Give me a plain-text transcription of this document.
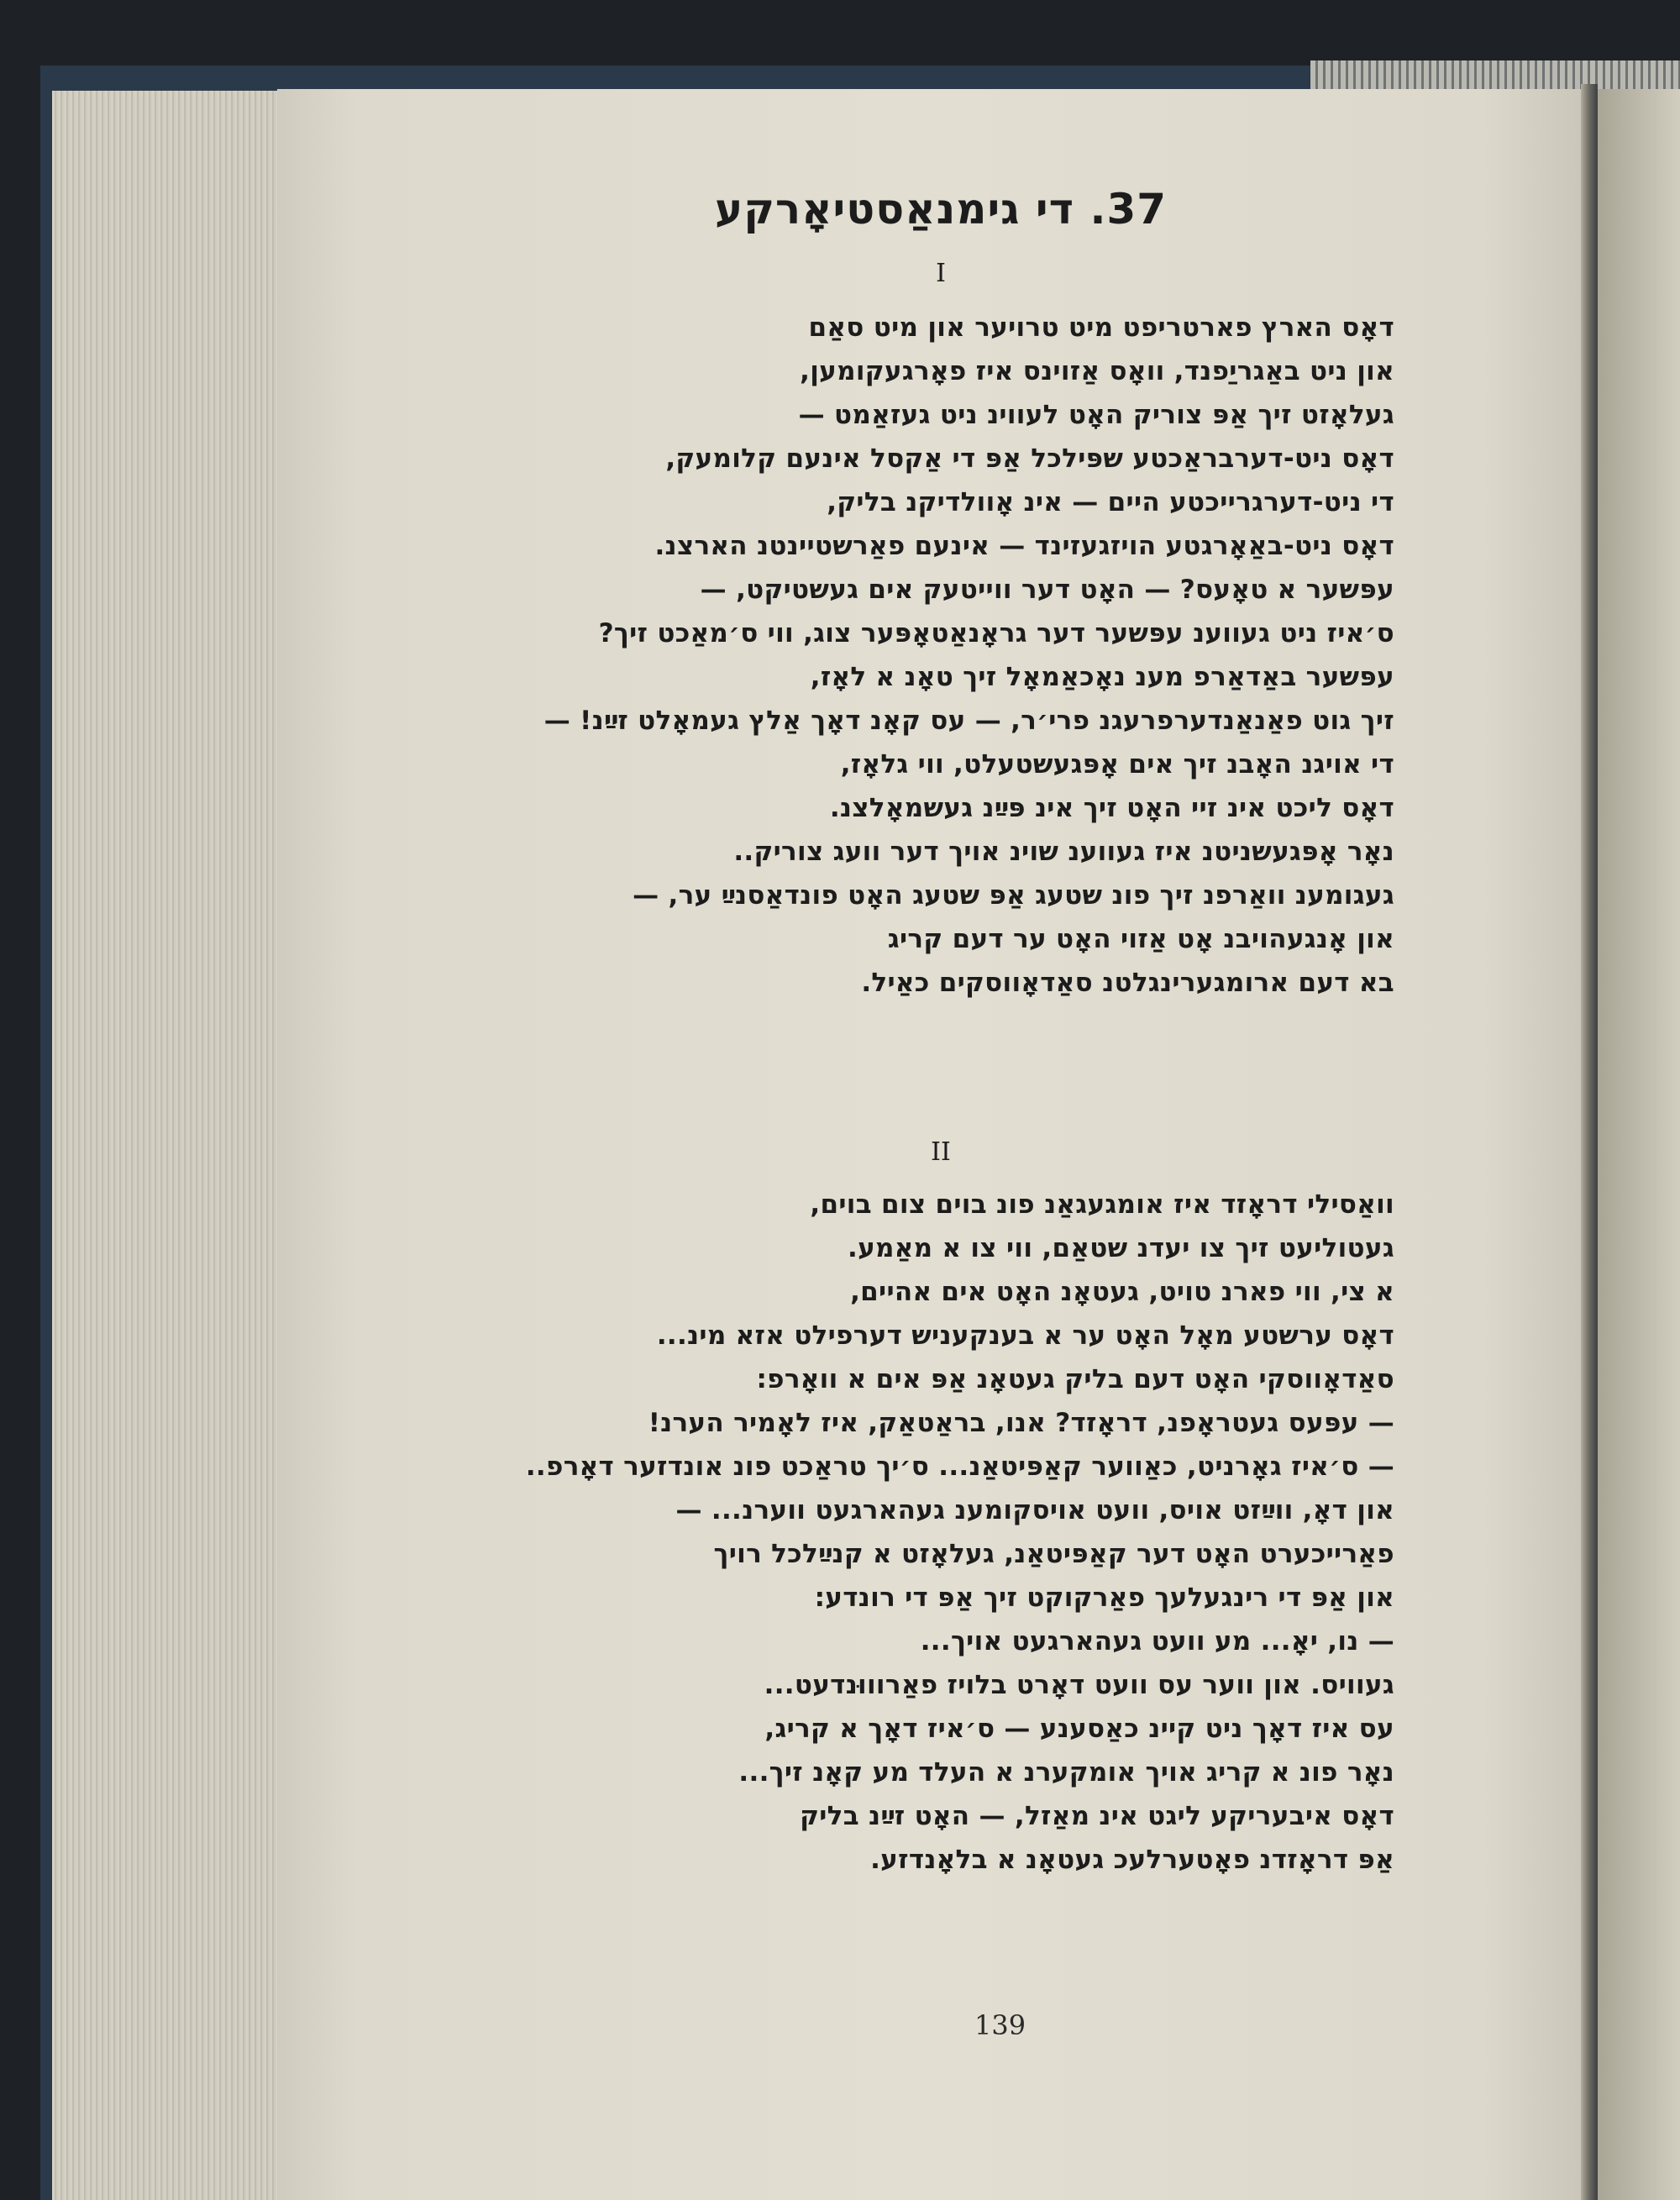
37. די גימנאַסטיאָרקע
I
דאָס הארץ פארטריפט מיט טרויער און מיט סאַם
און ניט באַגריַפנד, וואָס אַזוינס איז פאָרגעקומען,
געלאָזט זיך אַפּ צוריק האָט לעווינ ניט געזאַמט —
דאָס ניט-דערבראַכטע שפּילכל אַפּ די אַקסל אינעם קלומעק,
די ניט-דערגרייכטע היים — אינ אָוולדיקנ בליק,
דאָס ניט-באַאָרגטע הויזגעזינד — אינעם פאַרשטיינטנ הארצנ.
עפּשער א טאָעס? — האָט דער ווייטעק אים געשטיקט, —
ס׳איז ניט געווענ עפּשער דער גראָנאַטאָפּער צוג, ווי ס׳מאַכט זיך?
עפּשער באַדאַרפ מענ נאָכאַמאָל זיך טאָנ א לאָז,
זיך גוט פאַנאַנדערפרעגנ פרי׳ר, — עס קאָנ דאָך אַלץ געמאָלט זײַנ! —
די אויגנ האָבנ זיך אים אָפּגעשטעלט, ווי גלאָז,
דאָס ליכט אינ זיי האָט זיך אינ פּײַנ געשמאָלצנ.
נאָר אָפּגעשניטנ איז געווענ שוינ אויך דער וועג צוריק..
געגומענ וואַרפנ זיך פונ שטעג אַפּ שטעג האָט פונדאַסנײַ ער, —
און אָנגעהויבנ אָט אַזוי האָט ער דעם קריג
בא דעם ארומגערינגלטנ סאַדאָווסקים כאַיל.
II
וואַסילי דראָזד איז אומגעגאַנ פונ בוים צום בוים,
געטוליעט זיך צו יעדנ שטאַם, ווי צו א מאַמע.
א צי, ווי פארנ טויט, געטאָנ האָט אים אהיים,
דאָס ערשטע מאָל האָט ער א בענקעניש דערפילט אזא מינ...
סאַדאָווסקי האָט דעם בליק געטאָנ אַפּ אים א וואָרפ:
— עפּעס געטראָפנ, דראָזד? אנו, בראַטאַק, איז לאָמיר הערנ!
— ס׳איז גאָרניט, כאַווער קאַפּיטאַנ... ס׳יך טראַכט פונ אונדזער דאָרפ..
און דאָ, ווײַזט אויס, וועט אויסקומענ געהארגעט ווערנ... —
פאַרייכערט האָט דער קאַפּיטאַנ, געלאָזט א קנײַלכל רויך
און אַפּ די רינגעלעך פאַרקוקט זיך אַפּ די רונדע:
— נו, יאָ... מע וועט געהארגעט אויך...
געוויס. און ווער עס וועט דאָרט בלויז פאַרוווּנדעט...
עס איז דאָך ניט קיינ כאַסענע — ס׳איז דאָך א קריג,
נאָר פונ א קריג אויך אומקערנ א העלד מע קאָנ זיך...
דאָס איבעריקע ליגט אינ מאַזל, — האָט זײַנ בליק
אַפּ דראָזדנ פאָטערלעכ געטאָנ א בלאָנדזע.
139
